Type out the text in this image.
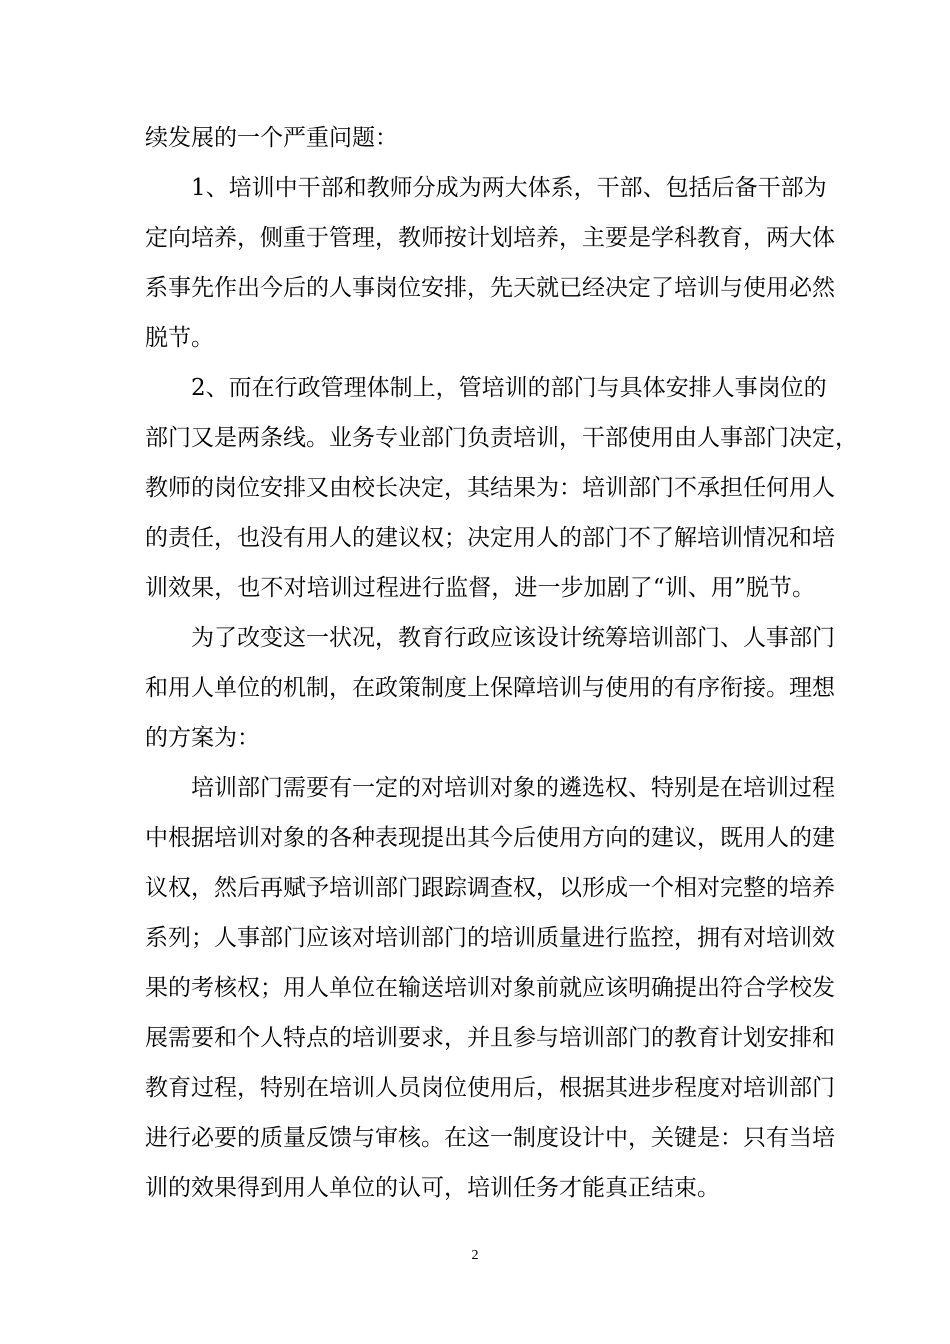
续发展的一个严重问题：
1、培训中干部和教师分成为两大体系，干部、包括后备干部为
定向培养，侧重于管理，教师按计划培养，主要是学科教育，两大体
系事先作出今后的人事岗位安排，先天就已经决定了培训与使用必然
脱节。
2、而在行政管理体制上，管培训的部门与具体安排人事岗位的
部门又是两条线。业务专业部门负责培训，干部使用由人事部门决定，
教师的岗位安排又由校长决定，其结果为：培训部门不承担任何用人
的责任，也没有用人的建议权；决定用人的部门不了解培训情况和培
训效果，也不对培训过程进行监督，进一步加剧了“训、用”脱节。
为了改变这一状况，教育行政应该设计统筹培训部门、人事部门
和用人单位的机制，在政策制度上保障培训与使用的有序衔接。理想
的方案为：
培训部门需要有一定的对培训对象的遴选权、特别是在培训过程
中根据培训对象的各种表现提出其今后使用方向的建议，既用人的建
议权，然后再赋予培训部门跟踪调查权，以形成一个相对完整的培养
系列；人事部门应该对培训部门的培训质量进行监控，拥有对培训效
果的考核权；用人单位在输送培训对象前就应该明确提出符合学校发
展需要和个人特点的培训要求，并且参与培训部门的教育计划安排和
教育过程，特别在培训人员岗位使用后，根据其进步程度对培训部门
进行必要的质量反馈与审核。在这一制度设计中，关键是：只有当培
训的效果得到用人单位的认可，培训任务才能真正结束。
2
